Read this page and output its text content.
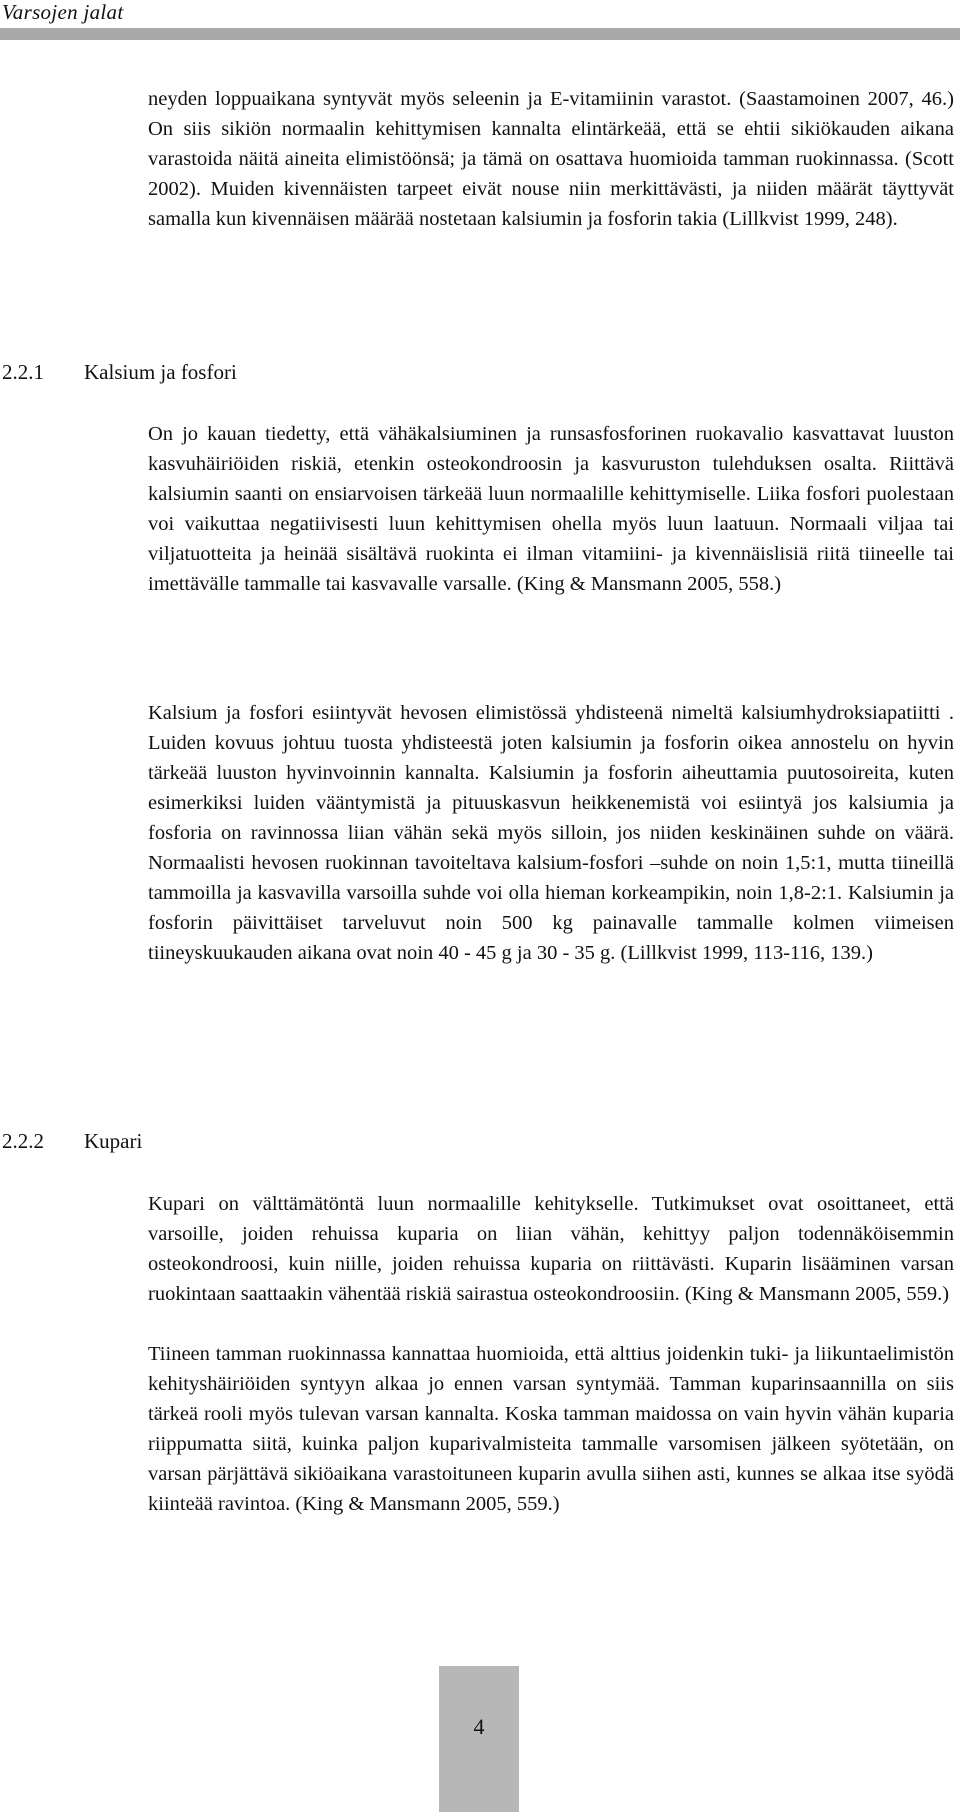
Varsojen jalat

neyden loppuaikana syntyvät myös seleenin ja E-vitamiinin varastot. (Saastamoinen 2007, 46.) On siis sikiön normaalin kehittymisen kannalta elintärkeää, että se ehtii sikiökauden aikana varastoida näitä aineita elimistöönsä; ja tämä on osattava huomioida tamman ruokinnassa. (Scott 2002). Muiden kivennäisten tarpeet eivät nouse niin merkittävästi, ja niiden määrät täyttyvät samalla kun kivennäisen määrää nostetaan kalsiumin ja fosforin takia (Lillkvist 1999, 248).

2.2.1 Kalsium ja fosfori

On jo kauan tiedetty, että vähäkalsiuminen ja runsasfosforinen ruokavalio kasvattavat luuston kasvuhäiriöiden riskiä, etenkin osteokondroosin ja kasvuruston tulehduksen osalta. Riittävä kalsiumin saanti on ensiarvoisen tärkeää luun normaalille kehittymiselle. Liika fosfori puolestaan voi vaikuttaa negatiivisesti luun kehittymisen ohella myös luun laatuun. Normaali viljaa tai viljatuotteita ja heinää sisältävä ruokinta ei ilman vitamiini- ja kivennäislisiä riitä tiineelle tai imettävälle tammalle tai kasvavalle varsalle. (King & Mansmann 2005, 558.)

Kalsium ja fosfori esiintyvät hevosen elimistössä yhdisteenä nimeltä kalsiumhydroksiapatiitti . Luiden kovuus johtuu tuosta yhdisteestä joten kalsiumin ja fosforin oikea annostelu on hyvin tärkeää luuston hyvinvoinnin kannalta. Kalsiumin ja fosforin aiheuttamia puutosoireita, kuten esimerkiksi luiden vääntymistä ja pituuskasvun heikkenemistä voi esiintyä jos kalsiumia ja fosforia on ravinnossa liian vähän sekä myös silloin, jos niiden keskinäinen suhde on väärä. Normaalisti hevosen ruokinnan tavoiteltava kalsium-fosfori –suhde on noin 1,5:1, mutta tiineillä tammoilla ja kasvavilla varsoilla suhde voi olla hieman korkeampikin, noin 1,8-2:1. Kalsiumin ja fosforin päivittäiset tarveluvut noin 500 kg painavalle tammalle kolmen viimeisen tiineyskuukauden aikana ovat noin 40 - 45 g ja 30 - 35 g. (Lillkvist 1999, 113-116, 139.)

2.2.2 Kupari

Kupari on välttämätöntä luun normaalille kehitykselle. Tutkimukset ovat osoittaneet, että varsoille, joiden rehuissa kuparia on liian vähän, kehittyy paljon todennäköisemmin osteokondroosi, kuin niille, joiden rehuissa kuparia on riittävästi. Kuparin lisääminen varsan ruokintaan saattaakin vähentää riskiä sairastua osteokondroosiin. (King & Mansmann 2005, 559.)

Tiineen tamman ruokinnassa kannattaa huomioida, että alttius joidenkin tuki- ja liikuntaelimistön kehityshäiriöiden syntyyn alkaa jo ennen varsan syntymää. Tamman kuparinsaannilla on siis tärkeä rooli myös tulevan varsan kannalta. Koska tamman maidossa on vain hyvin vähän kuparia riippumatta siitä, kuinka paljon kuparivalmisteita tammalle varsomisen jälkeen syötetään, on varsan pärjättävä sikiöaikana varastoituneen kuparin avulla siihen asti, kunnes se alkaa itse syödä kiinteää ravintoa. (King & Mansmann 2005, 559.)

4
